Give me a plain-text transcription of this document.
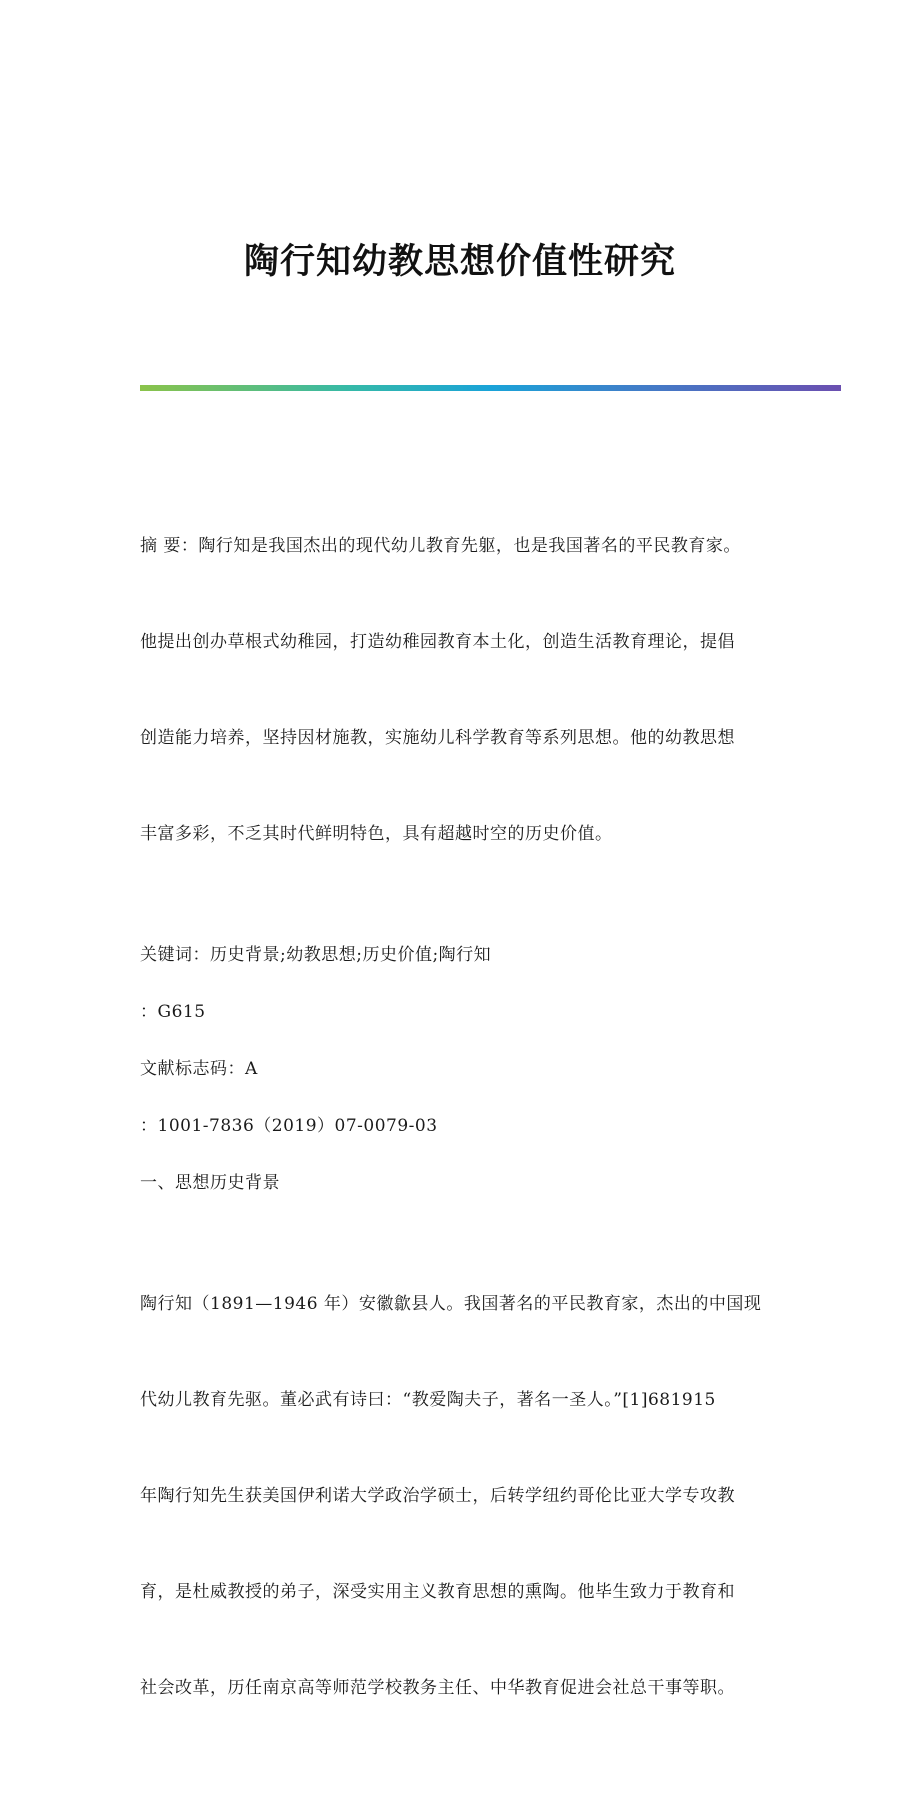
陶行知幼教思想价值性研究

摘 要：陶行知是我国杰出的现代幼儿教育先躯，也是我国著名的平民教育家。

他提出创办草根式幼稚园，打造幼稚园教育本土化，创造生活教育理论，提倡

创造能力培养，坚持因材施教，实施幼儿科学教育等系列思想。他的幼教思想

丰富多彩，不乏其时代鲜明特色，具有超越时空的历史价值。

关键词：历史背景;幼教思想;历史价值;陶行知

：G615

文献标志码：A

：1001-7836（2019）07-0079-03

一、思想历史背景

陶行知（1891—1946 年）安徽歙县人。我国著名的平民教育家，杰出的中国现

代幼儿教育先驱。董必武有诗曰：“教爱陶夫子，著名一圣人。”[1]681915

年陶行知先生获美国伊利诺大学政治学硕士，后转学纽约哥伦比亚大学专攻教

育，是杜威教授的弟子，深受实用主义教育思想的熏陶。他毕生致力于教育和

社会改革，历任南京高等师范学校教务主任、中华教育促进会社总干事等职。
